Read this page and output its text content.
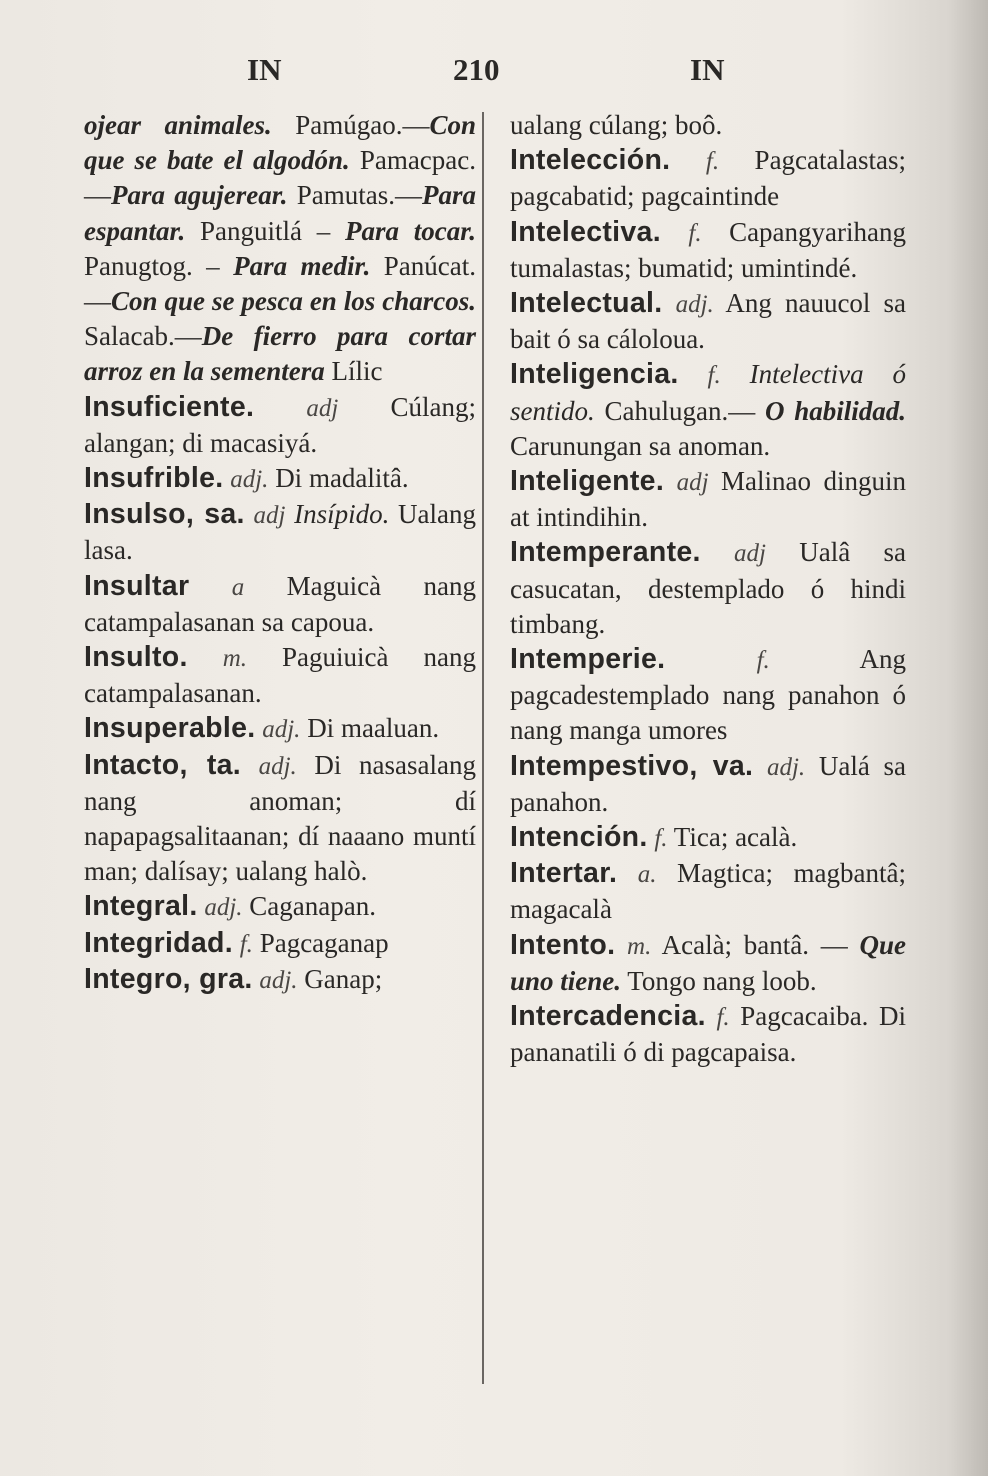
IN	210	IN

ojear animales. Pamúgao.—Con que se bate el algodón. Pamacpac. —Para agujerear. Pamutas.—Para espantar. Panguitlá – Para tocar. Panugtog. – Para medir. Panúcat.—Con que se pesca en los charcos. Salacab.—De fierro para cortar arroz en la sementera Lílic

Insuficiente. adj Cúlang; alangan; di macasiyá.

Insufrible. adj. Di madalitâ.

Insulso, sa. adj Insípido. Ualang lasa.

Insultar a Maguicà nang catampalasanan sa capoua.

Insulto. m. Paguiuicà nang catampalasanan.

Insuperable. adj. Di maaluan.

Intacto, ta. adj. Di nasasalang nang anoman; dí napapagsalitaanan; dí naaano muntí man; dalísay; ualang halò.

Integral. adj. Caganapan.

Integridad. f. Pagcaganap

Integro, gra. adj. Ganap;

ualang cúlang; boô.

Intelección. f. Pagcatalastas; pagcabatid; pagcaintinde

Intelectiva. f. Capangyarihang tumalastas; bumatid; umintindé.

Intelectual. adj. Ang nauucol sa bait ó sa cáloloua.

Inteligencia. f. Intelectiva ó sentido. Cahulugan.— O habilidad. Carunungan sa anoman.

Inteligente. adj Malinao dinguin at intindihin.

Intemperante. adj Ualâ sa casucatan, destemplado ó hindi timbang.

Intemperie.	f. Ang pagcadestemplado nang panahon ó nang manga umores

Intempestivo, va. adj. Ualá sa panahon.

Intención. f. Tica; acalà.

Intertar. a. Magtica; magbantâ; magacalà

Intento. m. Acalà; bantâ. — Que uno tiene. Tongo nang loob.

Intercadencia. f. Pagcacaiba. Di pananatili ó di pagcapaisa.
